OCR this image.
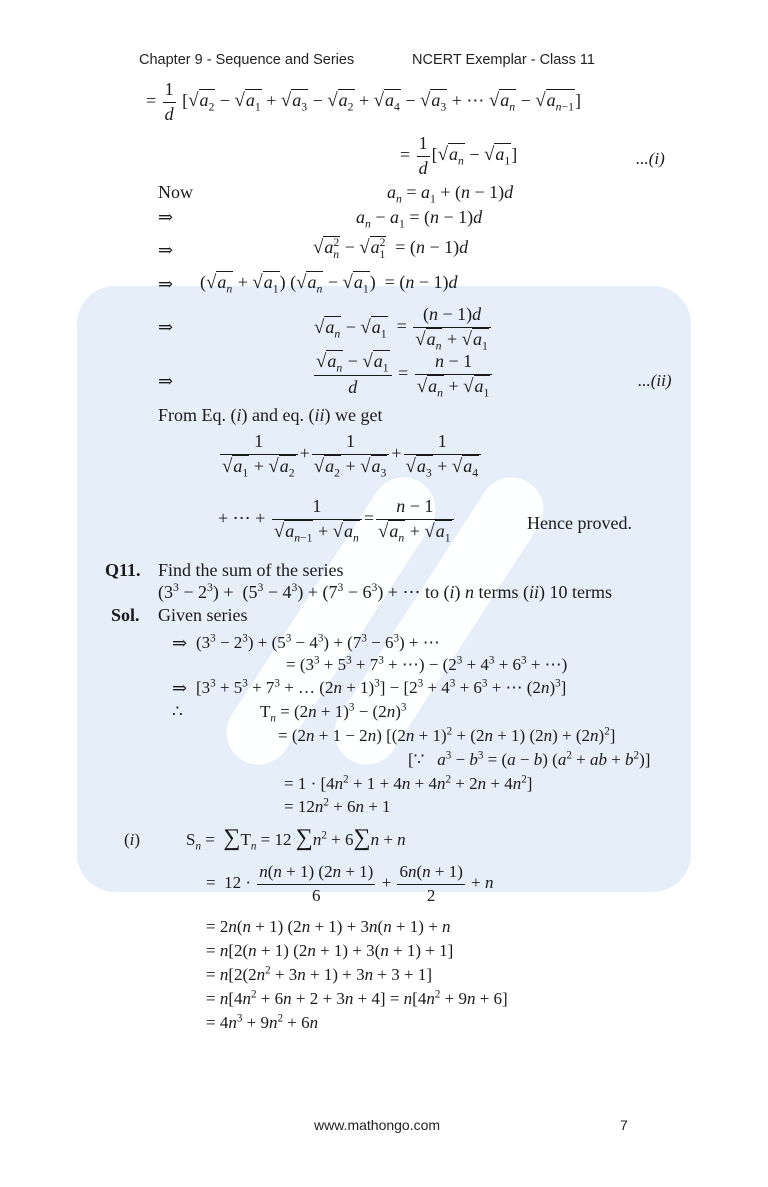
Chapter 9 - Sequence and Series	NCERT Exemplar - Class 11
= $\frac{1}{d} [√a_2 - √a_1 + √a_3 - √a_2 + √a_4 - √a_3$ + ⋯ $√a_n - √a_{n-1}$]
= $\frac{1}{d} [√a_n - √a_1]$	...(i)
Now	$a_n = a_1 + (n - 1)d$
⇒	$a_n - a_1 = (n - 1)d$
⇒	$√a^2_n - √a^2_1 = (n - 1)d$
⇒ $(√a_n + √a_1) (√a_n - √a_1) = (n - 1)d$
⇒	$√a_n - √a_1 = \frac{(n - 1)d}{√a_n + √a_1}$
⇒	$\frac{√a_n - √a_1}{d} = \frac{n - 1}{√a_n + √a_1}$	...(ii)
From Eq. (i) and eq. (ii) we get
$\frac{1}{√a_1 + √a_2} + \frac{1}{√a_2 + √a_3} + \frac{1}{√a_3 + √a_4}$
+ ⋯ + $\frac{1}{√a_{n-1} + √a_n} = \frac{n - 1}{√a_n + √a_1}$	Hence proved.
Q11. Find the sum of the series
$(3^3 - 2^3) + (5^3 - 4^3) + (7^3 - 6^3)$ + ⋯ to (i) n terms (ii) 10 terms
Sol. Given series
⇒ $(3^3 - 2^3) + (5^3 - 4^3) + (7^3 - 6^3)$ + ⋯
= ($3^3 + 5^3 + 7^3$ + ⋯) − ($2^3 + 4^3 + 6^3$ + ⋯)
⇒ [$3^3 + 5^3 + 7^3$ + … $(2n + 1)^3] - [2^3 + 4^3 + 6^3$ + ⋯ $(2n)^3$]
∴	$T_n = (2n + 1)^3 - (2n)^3$
= (2n + 1 − 2n) [$(2n + 1)^2 + (2n + 1)$ $(2n) + (2n)^2$]
[∵   $a^3 - b^3 = (a - b) (a^2$ + ab + $b^2$)]
= $1 \cdot [4n^2 + 1 + 4n + 4n^2 + 2n + 4n^2]$
= $12n^2 + 6n + 1$
(i)	$S_n = \sum T_n = 12$ $\sum n^2 + 6\sum n + n$
=  $12 \cdot \frac{n(n + 1) (2n + 1)}{6} + \frac{6n(n + 1)}{2} + n$
= 2n(n + 1) (2n + 1) + 3n(n + 1) + n
= n[2(n + 1) (2n + 1) + 3(n + 1) + 1]
= $n[2(2n^2 + 3n + 1) + 3n + 3 + 1]$
= $n[4n^2 + 6n + 2 + 3n + 4] = n[4n^2 + 9n + 6]$
= $4n^3 + 9n^2 + 6n$
www.mathongo.com	7
